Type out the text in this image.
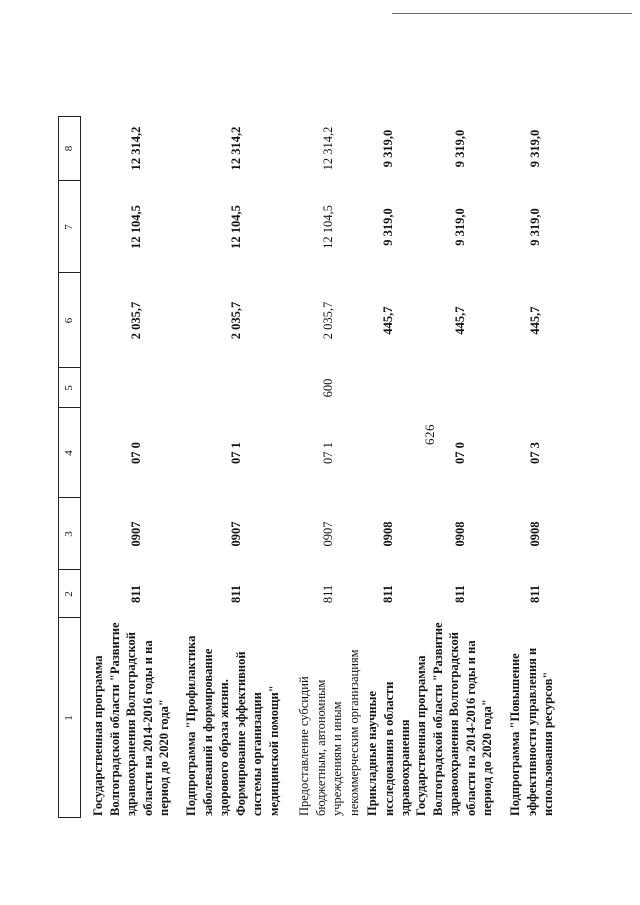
626
1
2
3
4
5
6
7
8
Государственная программа Волгоградской области "Развитие здравоохранения Волгоградской области на 2014-2016 годы и на период до 2020 года"
811
0907
07 0
2 035,7
12 104,5
12 314,2
Подпрограмма "Профилактика заболеваний и формирование здорового образа жизни. Формирование эффективной системы организации медицинской помощи"
811
0907
07 1
2 035,7
12 104,5
12 314,2
Предоставление субсидий бюджетным, автономным учреждениям и иным некоммерческим организациям
811
0907
07 1
600
2 035,7
12 104,5
12 314,2
Прикладные научные исследования в области здравоохранения
811
0908
445,7
9 319,0
9 319,0
Государственная программа Волгоградской области "Развитие здравоохранения Волгоградской области на 2014-2016 годы и на период до 2020 года"
811
0908
07 0
445,7
9 319,0
9 319,0
Подпрограмма "Повышение эффективности управления и использования ресурсов"
811
0908
07 3
445,7
9 319,0
9 319,0
